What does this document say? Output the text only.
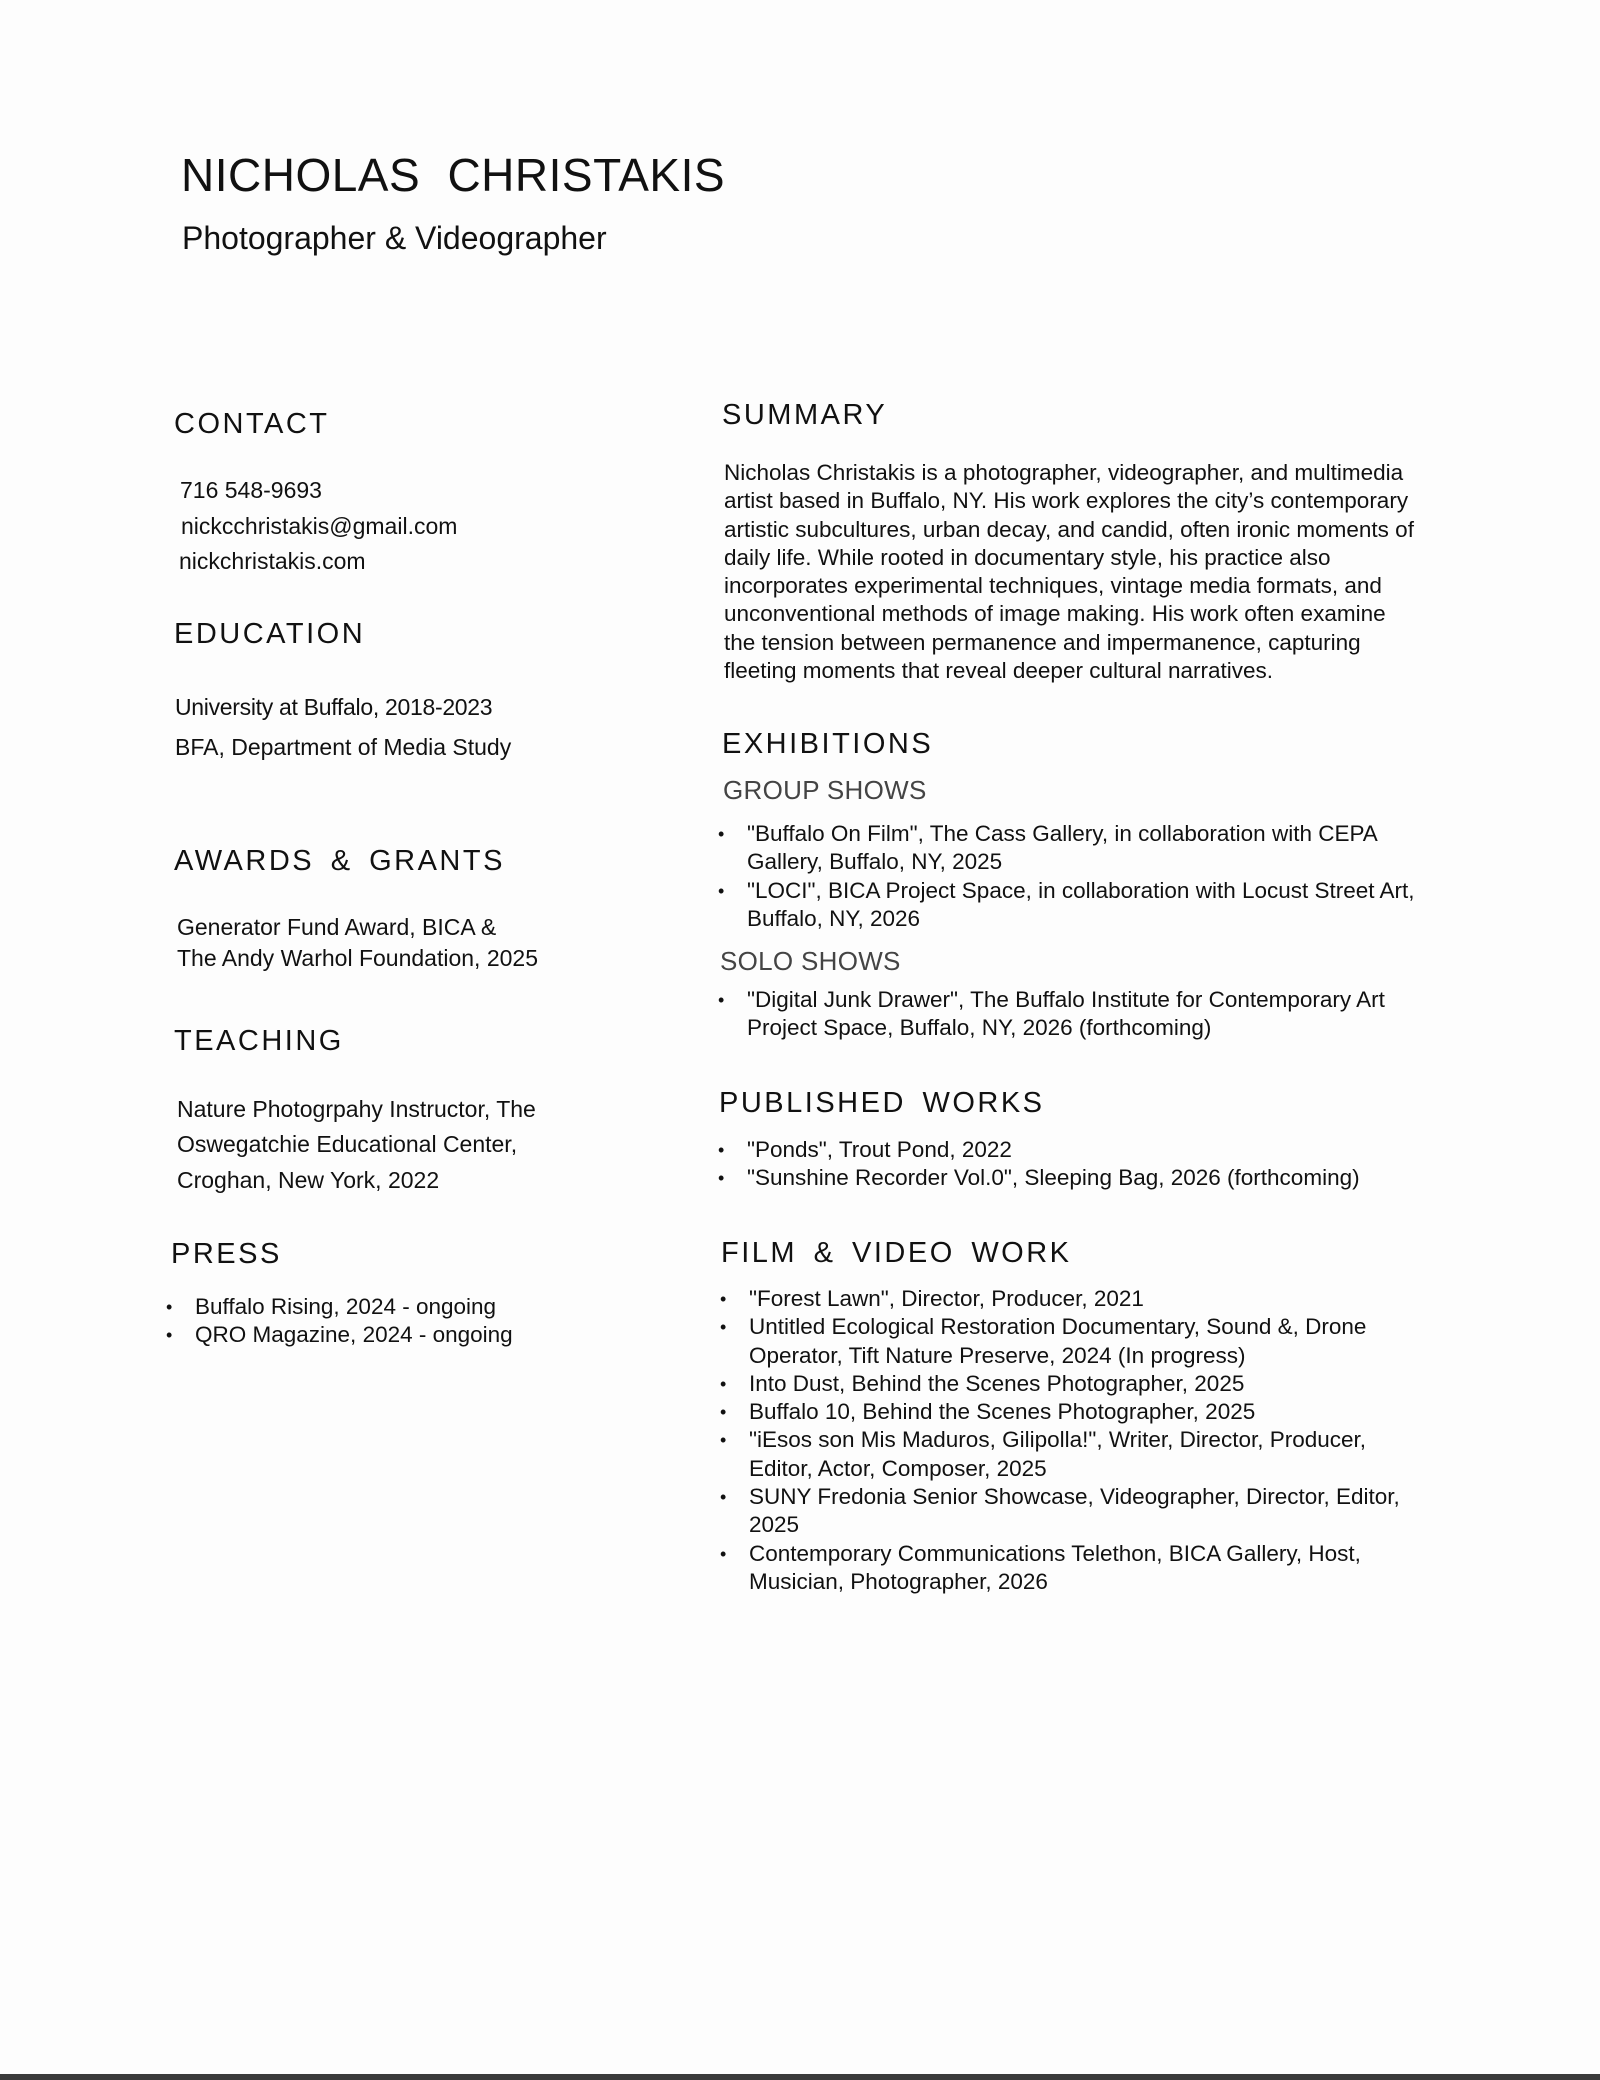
NICHOLAS CHRISTAKIS
Photographer & Videographer
CONTACT
716 548-9693
nickcchristakis@gmail.com
nickchristakis.com
EDUCATION
University at Buffalo, 2018-2023
BFA, Department of Media Study
AWARDS & GRANTS
Generator Fund Award, BICA &
The Andy Warhol Foundation, 2025
TEACHING
Nature Photogrpahy Instructor, The
Oswegatchie Educational Center,
Croghan, New York, 2022
PRESS
• Buffalo Rising, 2024 - ongoing
• QRO Magazine, 2024 - ongoing
SUMMARY
Nicholas Christakis is a photographer, videographer, and multimedia
artist based in Buffalo, NY. His work explores the city’s contemporary
artistic subcultures, urban decay, and candid, often ironic moments of
daily life. While rooted in documentary style, his practice also
incorporates experimental techniques, vintage media formats, and
unconventional methods of image making. His work often examine
the tension between permanence and impermanence, capturing
fleeting moments that reveal deeper cultural narratives.
EXHIBITIONS
GROUP SHOWS
• "Buffalo On Film", The Cass Gallery, in collaboration with CEPA
Gallery, Buffalo, NY, 2025
• "LOCI", BICA Project Space, in collaboration with Locust Street Art,
Buffalo, NY, 2026
SOLO SHOWS
• "Digital Junk Drawer", The Buffalo Institute for Contemporary Art
Project Space, Buffalo, NY, 2026 (forthcoming)
PUBLISHED WORKS
• "Ponds", Trout Pond, 2022
• "Sunshine Recorder Vol.0", Sleeping Bag, 2026 (forthcoming)
FILM & VIDEO WORK
• "Forest Lawn", Director, Producer, 2021
• Untitled Ecological Restoration Documentary, Sound &, Drone
Operator, Tift Nature Preserve, 2024 (In progress)
• Into Dust, Behind the Scenes Photographer, 2025
• Buffalo 10, Behind the Scenes Photographer, 2025
• "iEsos son Mis Maduros, Gilipolla!", Writer, Director, Producer,
Editor, Actor, Composer, 2025
• SUNY Fredonia Senior Showcase, Videographer, Director, Editor,
2025
• Contemporary Communications Telethon, BICA Gallery, Host,
Musician, Photographer, 2026
